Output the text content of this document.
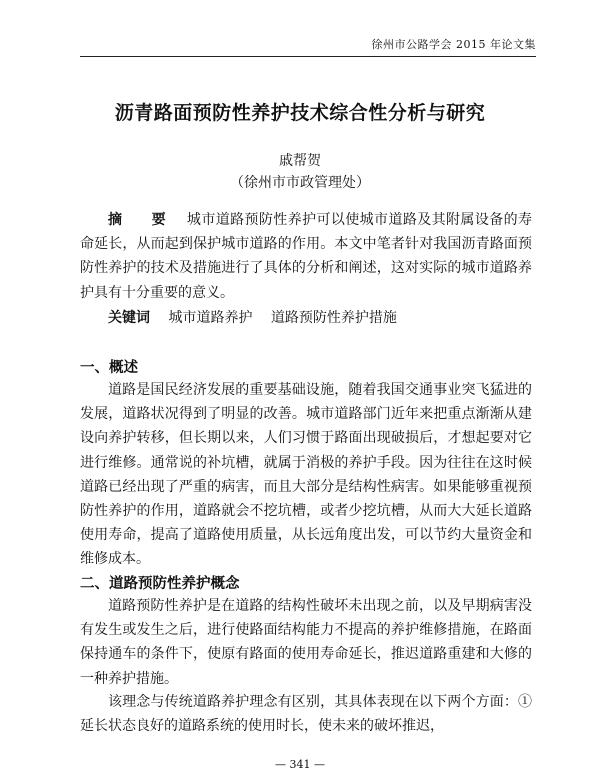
徐州市公路学会 2015 年论文集
沥青路面预防性养护技术综合性分析与研究
戚帮贺
（徐州市市政管理处）
摘 要 城市道路预防性养护可以使城市道路及其附属设备的寿命延长，从而起到保护城市道路的作用。本文中笔者针对我国沥青路面预防性养护的技术及措施进行了具体的分析和阐述，这对实际的城市道路养护具有十分重要的意义。
关键词 城市道路养护 道路预防性养护措施
一、概述
道路是国民经济发展的重要基础设施，随着我国交通事业突飞猛进的发展，道路状况得到了明显的改善。城市道路部门近年来把重点渐渐从建设向养护转移，但长期以来，人们习惯于路面出现破损后，才想起要对它进行维修。通常说的补坑槽，就属于消极的养护手段。因为往往在这时候道路已经出现了严重的病害，而且大部分是结构性病害。如果能够重视预防性养护的作用，道路就会不挖坑槽，或者少挖坑槽，从而大大延长道路使用寿命，提高了道路使用质量，从长远角度出发，可以节约大量资金和维修成本。
二、道路预防性养护概念
道路预防性养护是在道路的结构性破坏未出现之前，以及早期病害没有发生或发生之后，进行使路面结构能力不提高的养护维修措施，在路面保持通车的条件下，使原有路面的使用寿命延长，推迟道路重建和大修的一种养护措施。
该理念与传统道路养护理念有区别，其具体表现在以下两个方面：①延长状态良好的道路系统的使用时长，使未来的破坏推迟，
— 341 —
